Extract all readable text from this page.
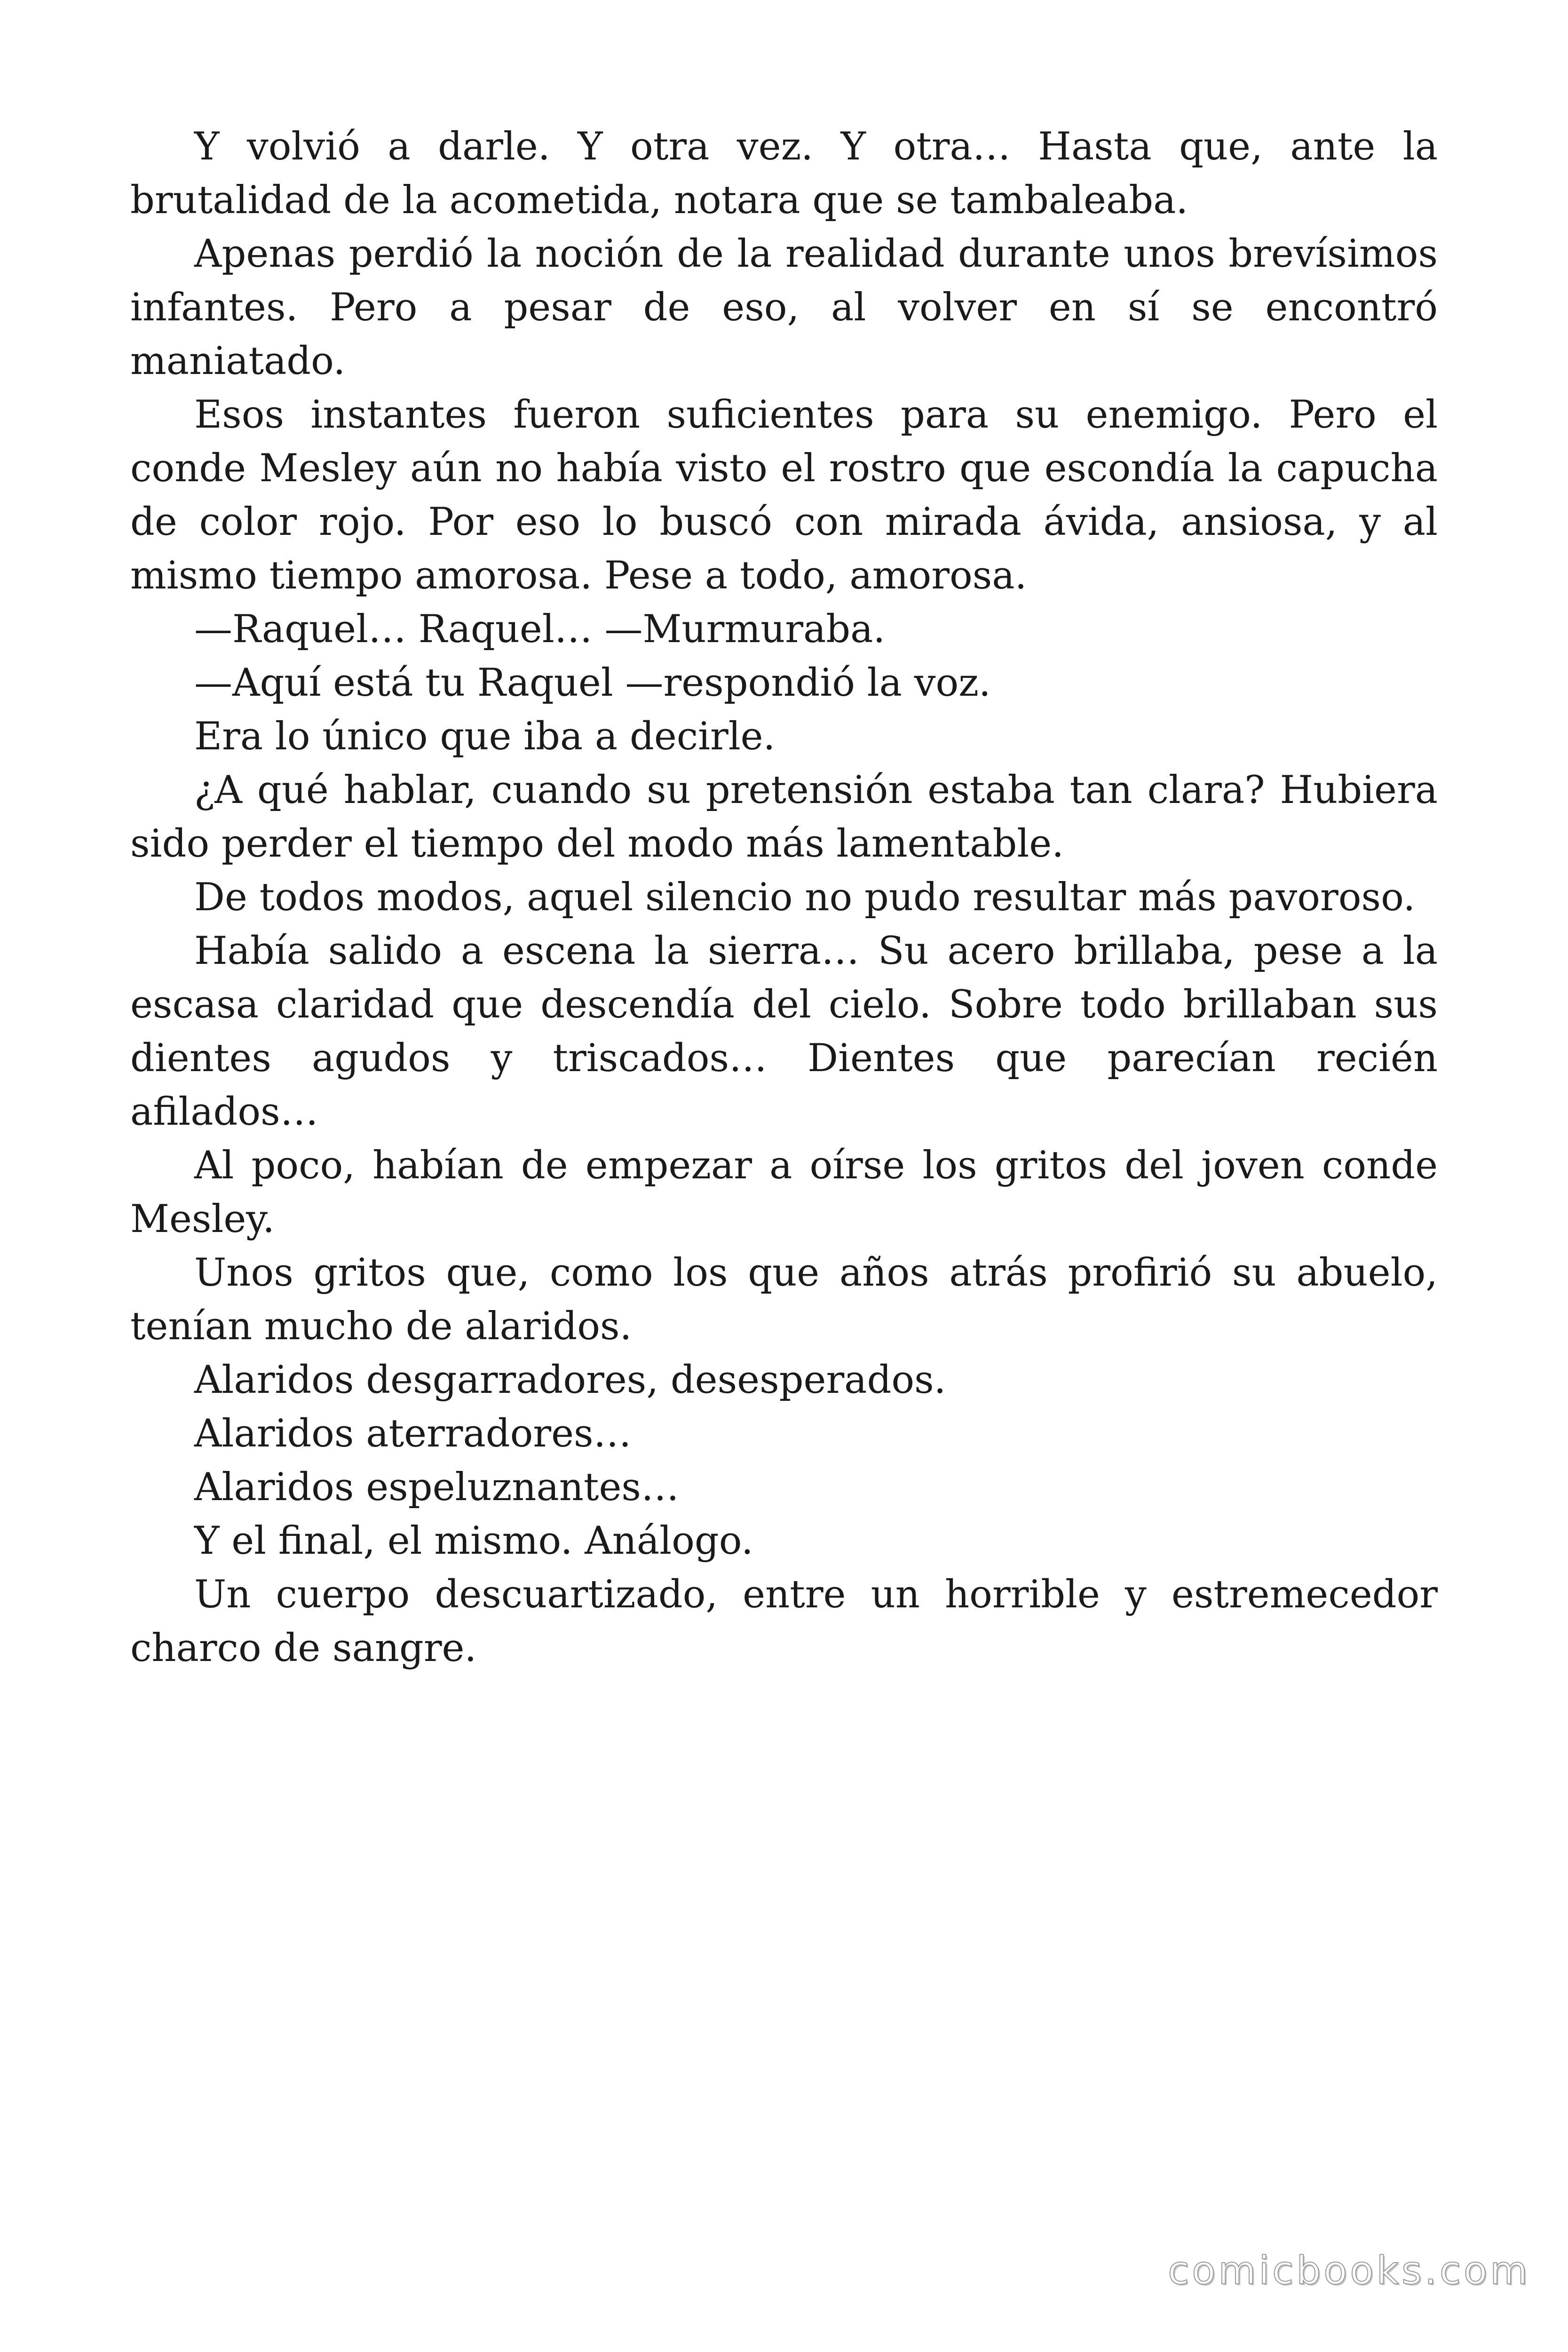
Y volvió a darle. Y otra vez. Y otra… Hasta que, ante la brutalidad de la acometida, notara que se tambaleaba.

Apenas perdió la noción de la realidad durante unos brevísimos infantes. Pero a pesar de eso, al volver en sí se encontró maniatado.

Esos instantes fueron suficientes para su enemigo. Pero el conde Mesley aún no había visto el rostro que escondía la capucha de color rojo. Por eso lo buscó con mirada ávida, ansiosa, y al mismo tiempo amorosa. Pese a todo, amorosa.

—Raquel… Raquel… —Murmuraba.

—Aquí está tu Raquel —respondió la voz.

Era lo único que iba a decirle.

¿A qué hablar, cuando su pretensión estaba tan clara? Hubiera sido perder el tiempo del modo más lamentable.

De todos modos, aquel silencio no pudo resultar más pavoroso.

Había salido a escena la sierra… Su acero brillaba, pese a la escasa claridad que descendía del cielo. Sobre todo brillaban sus dientes agudos y triscados… Dientes que parecían recién afilados…

Al poco, habían de empezar a oírse los gritos del joven conde Mesley.

Unos gritos que, como los que años atrás profirió su abuelo, tenían mucho de alaridos.

Alaridos desgarradores, desesperados.

Alaridos aterradores…

Alaridos espeluznantes…

Y el final, el mismo. Análogo.

Un cuerpo descuartizado, entre un horrible y estremecedor charco de sangre.

comicbooks.com
